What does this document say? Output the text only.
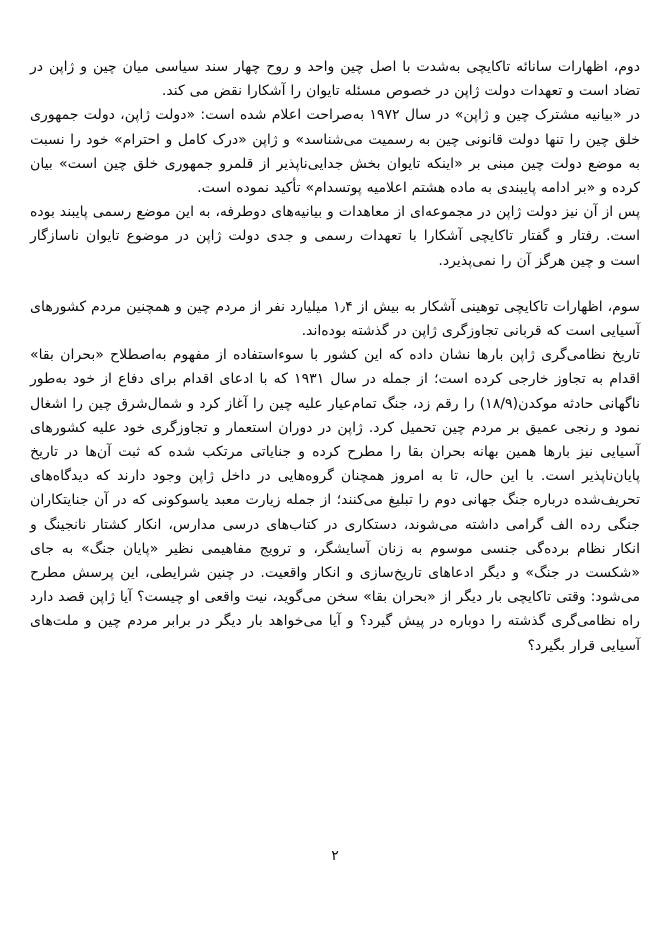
دوم، اظهارات سانائه تاکایچی به‌شدت با اصل چین واحد و روح چهار سند سیاسی میان چین و ژاپن در تضاد است و تعهدات دولت ژاپن در خصوص مسئله تایوان را آشکارا نقض می کند.

در «بیانیه مشترک چین و ژاپن» در سال ۱۹۷۲ به‌صراحت اعلام شده است: «دولت ژاپن، دولت جمهوری خلق چین را تنها دولت قانونی چین به رسمیت می‌شناسد» و ژاپن «درک کامل و احترام» خود را نسبت به موضع دولت چین مبنی بر «اینکه تایوان بخش جدایی‌ناپذیر از قلمرو جمهوری خلق چین است» بیان کرده و «بر ادامه پایبندی به ماده هشتم اعلامیه پوتسدام» تأکید نموده است.

پس از آن نیز دولت ژاپن در مجموعه‌ای از معاهدات و بیانیه‌های دوطرفه، به این موضع رسمی پایبند بوده است. رفتار و گفتار تاکایچی آشکارا با تعهدات رسمی و جدی دولت ژاپن در موضوع تایوان ناسازگار است و چین هرگز آن را نمی‌پذیرد.

سوم، اظهارات تاکایچی توهینی آشکار به بیش از ۱٫۴ میلیارد نفر از مردم چین و همچنین مردم کشورهای آسیایی است که قربانی تجاوزگری ژاپن در گذشته بوده‌اند.

تاریخ نظامی‌گری ژاپن بارها نشان داده که این کشور با سوءاستفاده از مفهوم به‌اصطلاح «بحران بقا» اقدام به تجاوز خارجی کرده است؛ از جمله در سال ۱۹۳۱ که با ادعای اقدام برای دفاع از خود به‌طور ناگهانی حادثه موکدن(۱۸/۹) را رقم زد، جنگ تمام‌عیار علیه چین را آغاز کرد و شمال‌شرق چین را اشغال نمود و رنجی عمیق بر مردم چین تحمیل کرد. ژاپن در دوران استعمار و تجاوزگری خود علیه کشورهای آسیایی نیز بارها همین بهانه بحران بقا را مطرح کرده و جنایاتی مرتکب شده که ثبت آن‌ها در تاریخ پایان‌ناپذیر است. با این حال، تا به امروز همچنان گروه‌هایی در داخل ژاپن وجود دارند که دیدگاه‌های تحریف‌شده درباره جنگ جهانی دوم را تبلیغ می‌کنند؛ از جمله زیارت معبد یاسوکونی که در آن جنایتکاران جنگی رده الف گرامی داشته می‌شوند، دستکاری در کتاب‌های درسی مدارس، انکار کشتار نانجینگ و انکار نظام برده‌گی جنسی موسوم به زنان آسایشگر، و ترویج مفاهیمی نظیر «پایان جنگ» به جای «شکست در جنگ» و دیگر ادعاهای تاریخ‌سازی و انکار واقعیت. در چنین شرایطی، این پرسش مطرح می‌شود: وقتی تاکایچی بار دیگر از «بحران بقا» سخن می‌گوید، نیت واقعی او چیست؟ آیا ژاپن قصد دارد راه نظامی‌گری گذشته را دوباره در پیش گیرد؟ و آیا می‌خواهد بار دیگر در برابر مردم چین و ملت‌های آسیایی قرار بگیرد؟

۲
